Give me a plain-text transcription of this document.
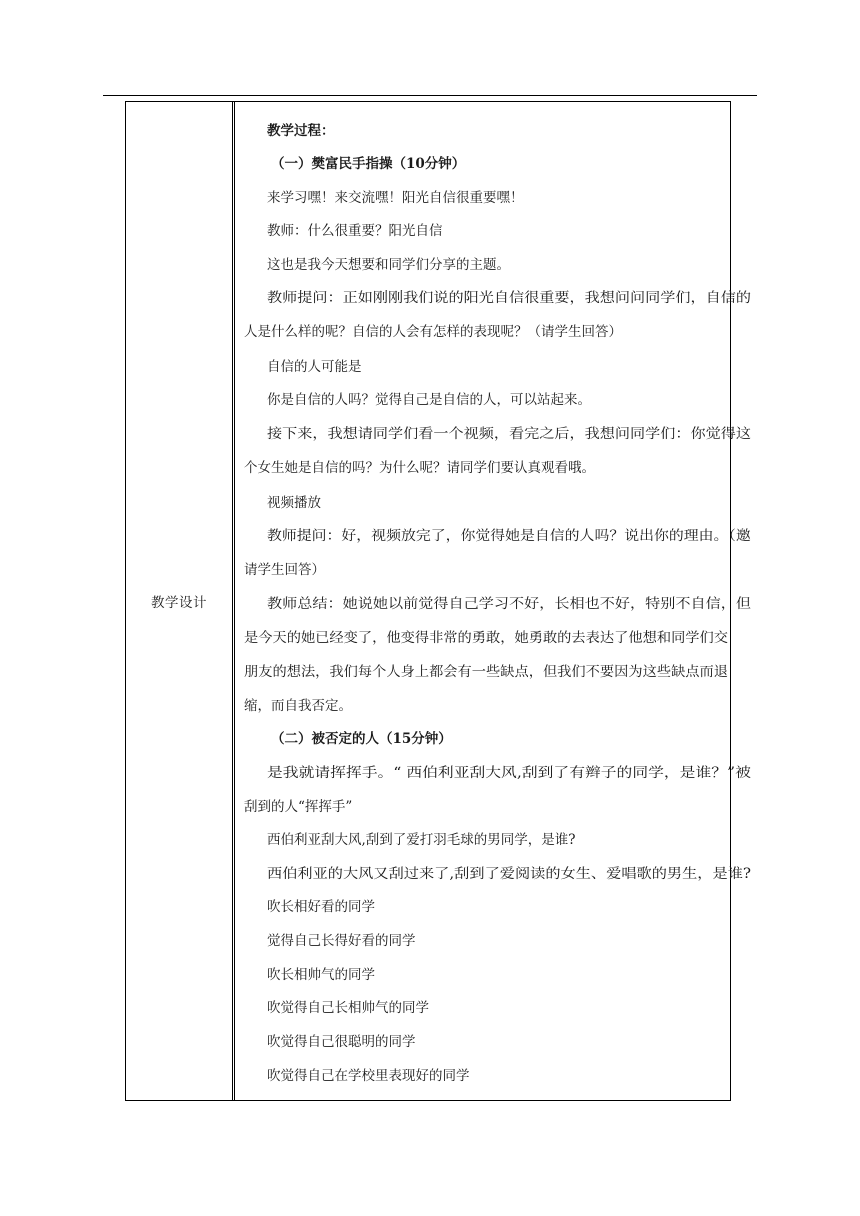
教学设计
教学过程：
（一）樊富民手指操（10分钟）
来学习嘿！来交流嘿！阳光自信很重要嘿！
教师：什么很重要？阳光自信
这也是我今天想要和同学们分享的主题。
教师提问：正如刚刚我们说的阳光自信很重要，我想问问同学们，自信的
人是什么样的呢？自信的人会有怎样的表现呢？（请学生回答）
自信的人可能是
你是自信的人吗？觉得自己是自信的人，可以站起来。
接下来，我想请同学们看一个视频，看完之后，我想问同学们：你觉得这
个女生她是自信的吗？为什么呢？请同学们要认真观看哦。
视频播放
教师提问：好，视频放完了，你觉得她是自信的人吗？说出你的理由。（邀
请学生回答）
教师总结：她说她以前觉得自己学习不好，长相也不好，特别不自信，但
是今天的她已经变了，他变得非常的勇敢，她勇敢的去表达了他想和同学们交
朋友的想法，我们每个人身上都会有一些缺点，但我们不要因为这些缺点而退
缩，而自我否定。
（二）被否定的人（15分钟）
是我就请挥挥手。“ 西伯利亚刮大风,刮到了有辫子的同学，是谁？”被
刮到的人“挥挥手”
西伯利亚刮大风,刮到了爱打羽毛球的男同学，是谁?
西伯利亚的大风又刮过来了,刮到了爱阅读的女生、爱唱歌的男生，是谁?
吹长相好看的同学
觉得自己长得好看的同学
吹长相帅气的同学
吹觉得自己长相帅气的同学
吹觉得自己很聪明的同学
吹觉得自己在学校里表现好的同学
